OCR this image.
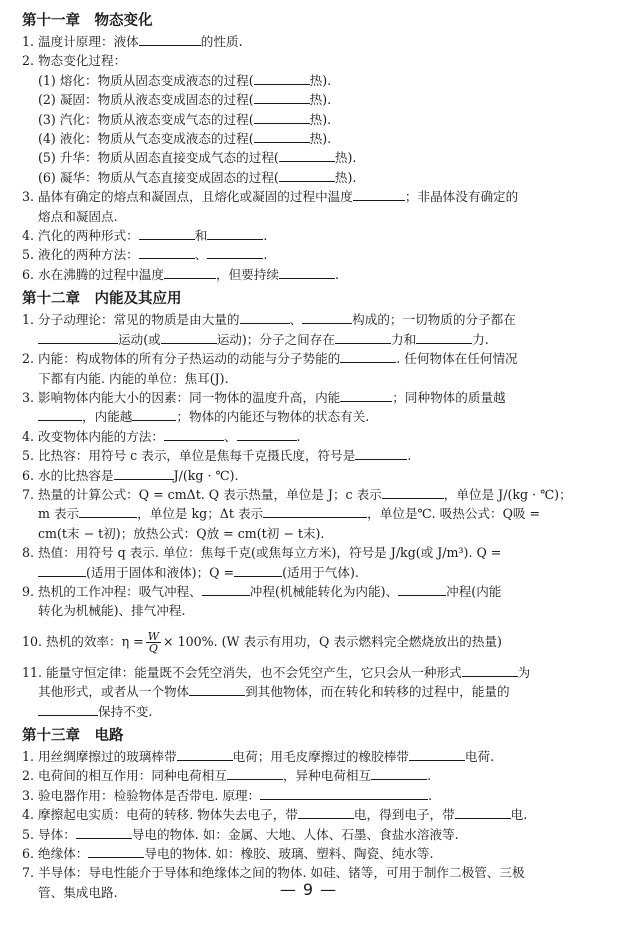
第十一章　物态变化
1. 温度计原理：液体	的性质.
2. 物态变化过程：
(1) 熔化：物质从固态变成液态的过程(	热).
(2) 凝固：物质从液态变成固态的过程(	热).
(3) 汽化：物质从液态变成气态的过程(	热).
(4) 液化：物质从气态变成液态的过程(	热).
(5) 升华：物质从固态直接变成气态的过程(	热).
(6) 凝华：物质从气态直接变成固态的过程(	热).
3. 晶体有确定的熔点和凝固点，且熔化或凝固的过程中温度	；非晶体没有确定的
熔点和凝固点.
4. 汽化的两种形式：	和	.
5. 液化的两种方法：	、	.
6. 水在沸腾的过程中温度	，但要持续	.
第十二章　内能及其应用
1. 分子动理论：常见的物质是由大量的	、	构成的；一切物质的分子都在
运动(或	运动)；分子之间存在	力和	力.
2. 内能：构成物体的所有分子热运动的动能与分子势能的	. 任何物体在任何情况
下都有内能. 内能的单位：焦耳(J).
3. 影响物体内能大小的因素：同一物体的温度升高，内能	；同种物体的质量越
，内能越	；物体的内能还与物体的状态有关.
4. 改变物体内能的方法：	、	.
5. 比热容：用符号 c 表示，单位是焦每千克摄氏度，符号是	.
6. 水的比热容是	J/(kg · ℃).
7. 热量的计算公式：Q = cmΔt. Q 表示热量，单位是 J；c 表示	，单位是 J/(kg · ℃)；
m 表示	，单位是 kg；Δt 表示	，单位是℃. 吸热公式：Q吸 =
cm(t末 − t初)；放热公式：Q放 = cm(t初 − t末).
8. 热值：用符号 q 表示. 单位：焦每千克(或焦每立方米)，符号是 J/kg(或 J/m³). Q =
(适用于固体和液体)；Q =	(适用于气体).
9. 热机的工作冲程：吸气冲程、	冲程(机械能转化为内能)、	冲程(内能
转化为机械能)、排气冲程.
10. 热机的效率：$\eta = \frac{W}{Q} \times 100\%$. (W 表示有用功，Q 表示燃料完全燃烧放出的热量)
11. 能量守恒定律：能量既不会凭空消失，也不会凭空产生，它只会从一种形式	为
其他形式，或者从一个物体	到其他物体，而在转化和转移的过程中，能量的
保持不变.
第十三章　电路
1. 用丝绸摩擦过的玻璃棒带	电荷；用毛皮摩擦过的橡胶棒带	电荷.
2. 电荷间的相互作用：同种电荷相互	，异种电荷相互	.
3. 验电器作用：检验物体是否带电. 原理：	.
4. 摩擦起电实质：电荷的转移. 物体失去电子，带	电，得到电子，带	电.
5. 导体：	导电的物体. 如：金属、大地、人体、石墨、食盐水溶液等.
6. 绝缘体：	导电的物体. 如：橡胶、玻璃、塑料、陶瓷、纯水等.
7. 半导体：导电性能介于导体和绝缘体之间的物体. 如硅、锗等，可用于制作二极管、三极
管、集成电路.	— 9 —
